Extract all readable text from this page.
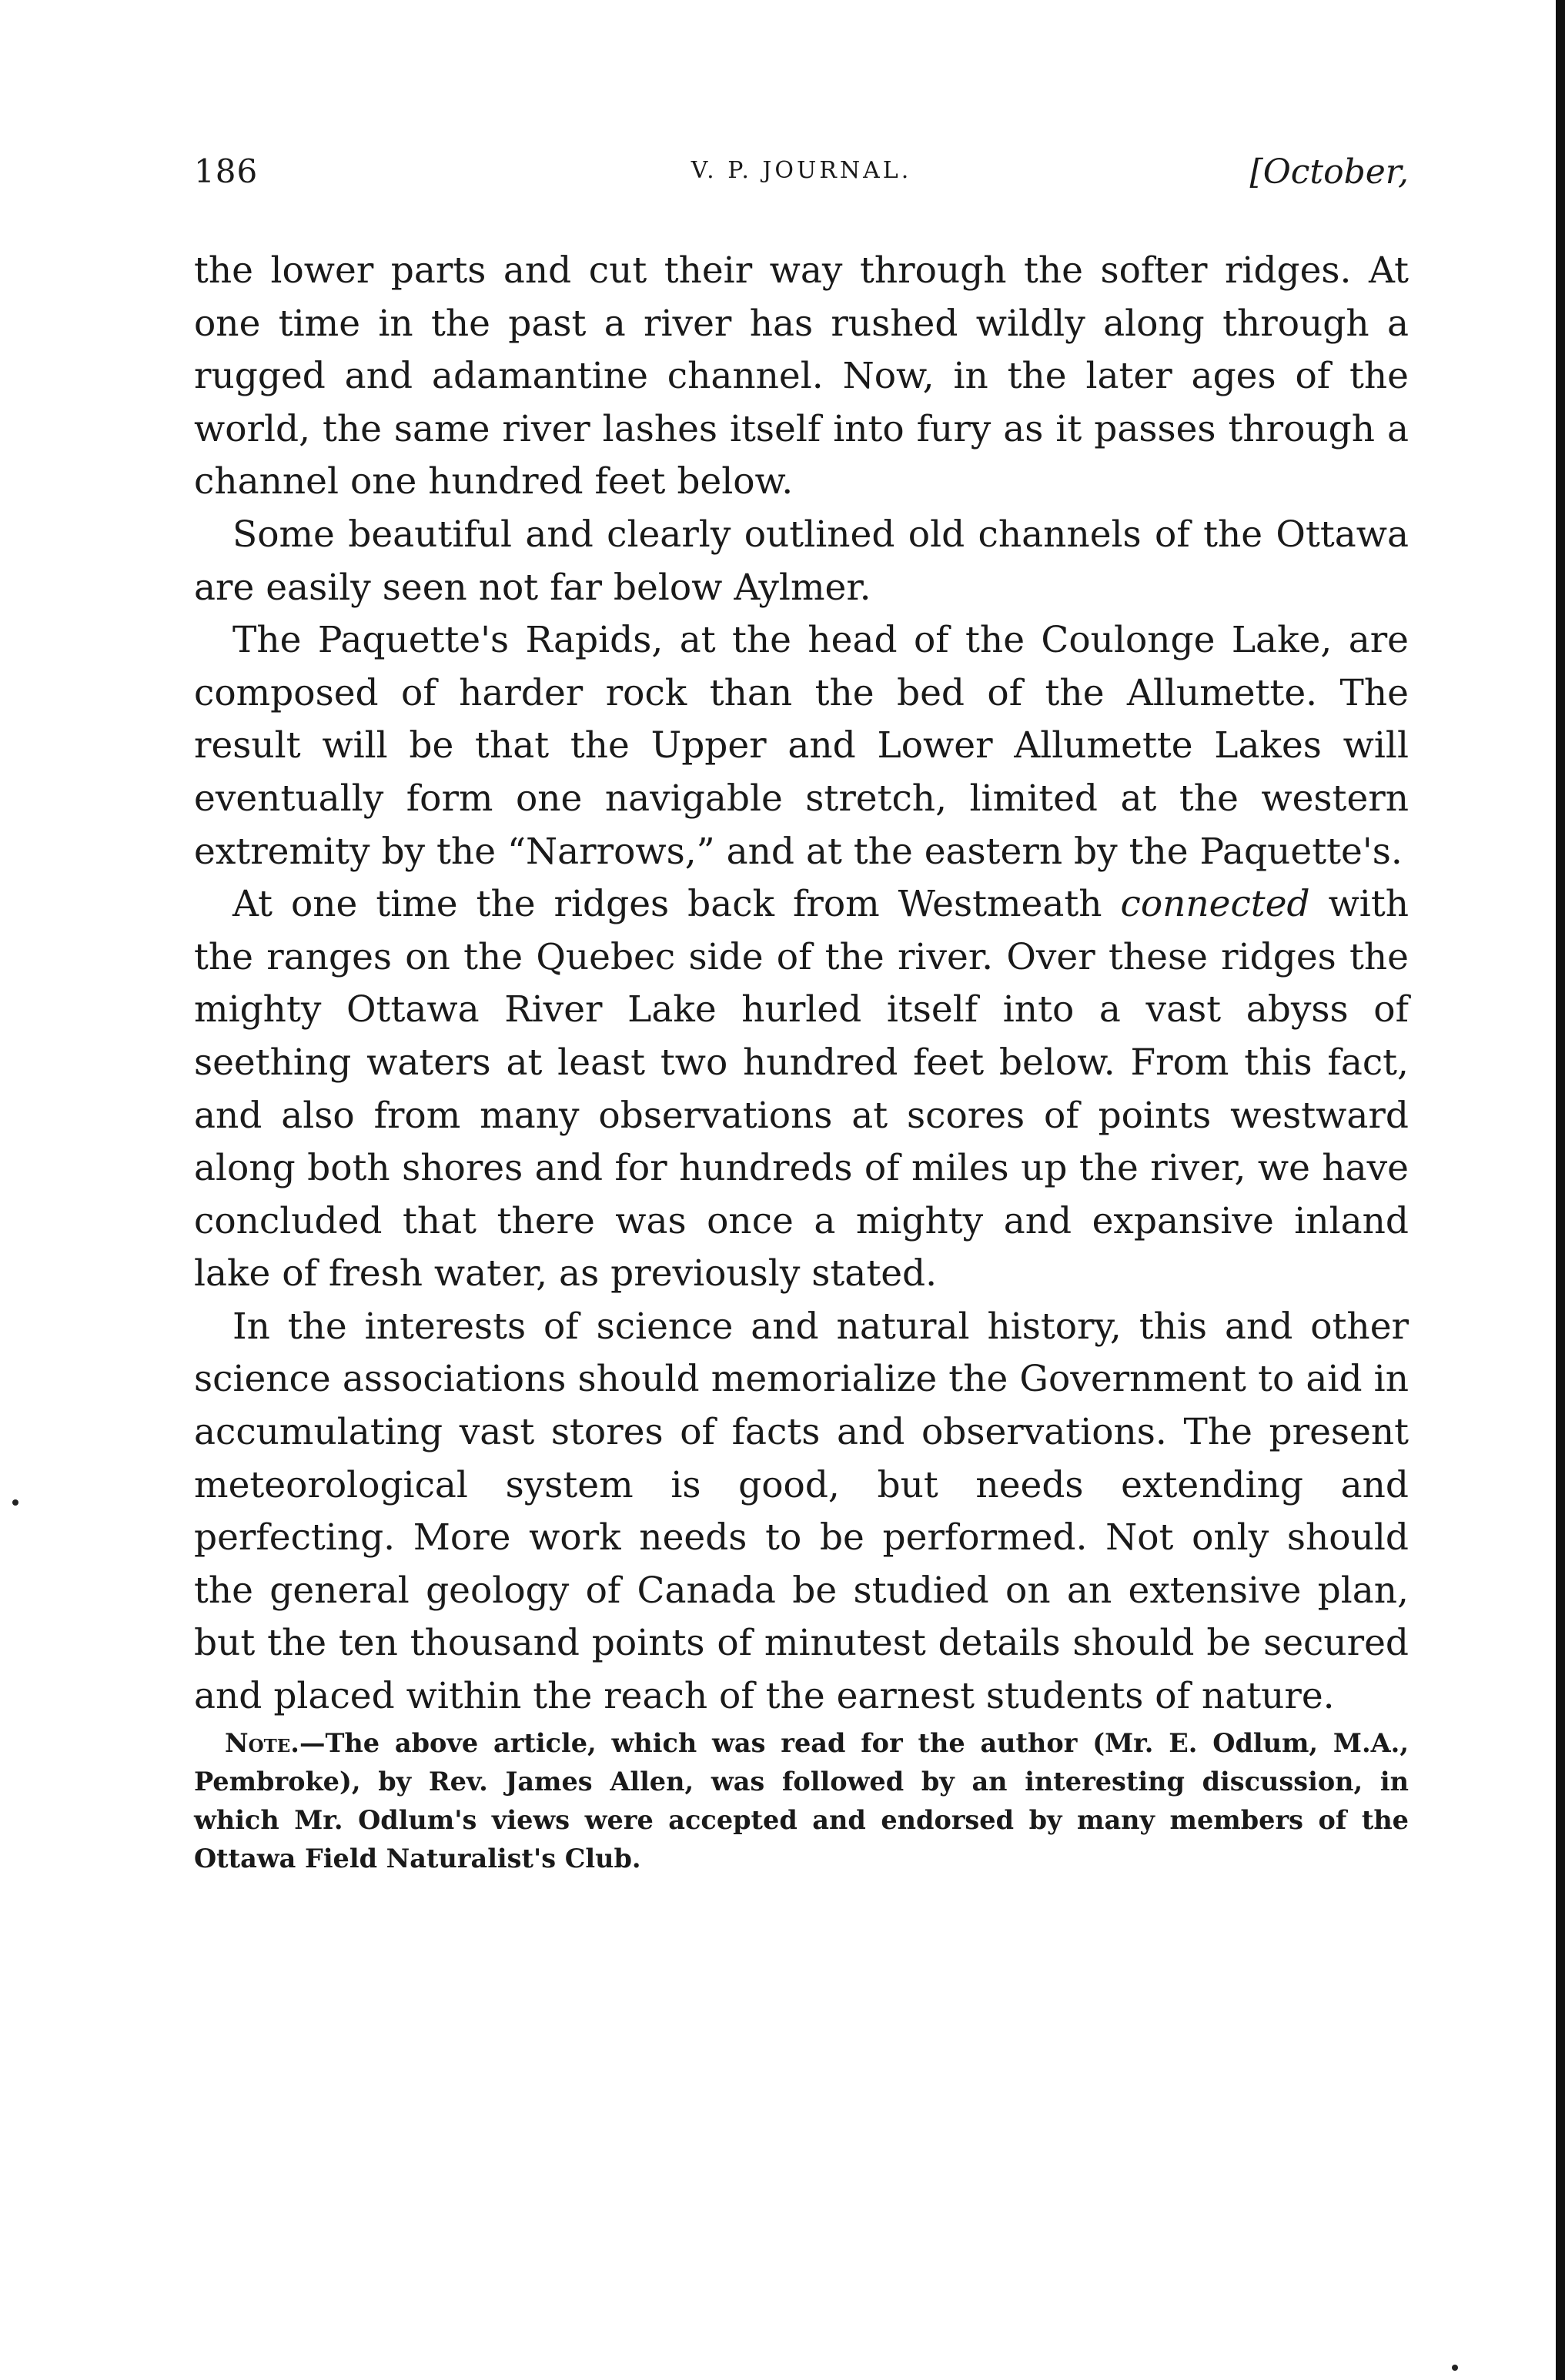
186	V. P. JOURNAL.	[October,

the lower parts and cut their way through the softer ridges. At one time in the past a river has rushed wildly along through a rugged and adamantine channel. Now, in the later ages of the world, the same river lashes itself into fury as it passes through a channel one hundred feet below.

Some beautiful and clearly outlined old channels of the Ottawa are easily seen not far below Aylmer.

The Paquette's Rapids, at the head of the Coulonge Lake, are composed of harder rock than the bed of the Allumette. The result will be that the Upper and Lower Allumette Lakes will eventually form one navigable stretch, limited at the western extremity by the “Narrows,” and at the eastern by the Paquette's.

At one time the ridges back from Westmeath connected with the ranges on the Quebec side of the river. Over these ridges the mighty Ottawa River Lake hurled itself into a vast abyss of seething waters at least two hundred feet below. From this fact, and also from many observations at scores of points westward along both shores and for hundreds of miles up the river, we have concluded that there was once a mighty and expansive inland lake of fresh water, as previously stated.

In the interests of science and natural history, this and other science associations should memorialize the Government to aid in accumulating vast stores of facts and observations. The present meteorological system is good, but needs extending and perfecting. More work needs to be performed. Not only should the general geology of Canada be studied on an extensive plan, but the ten thousand points of minutest details should be secured and placed within the reach of the earnest students of nature.

Note.—The above article, which was read for the author (Mr. E. Odlum, M.A., Pembroke), by Rev. James Allen, was followed by an interesting discussion, in which Mr. Odlum's views were accepted and endorsed by many members of the Ottawa Field Naturalist's Club.
